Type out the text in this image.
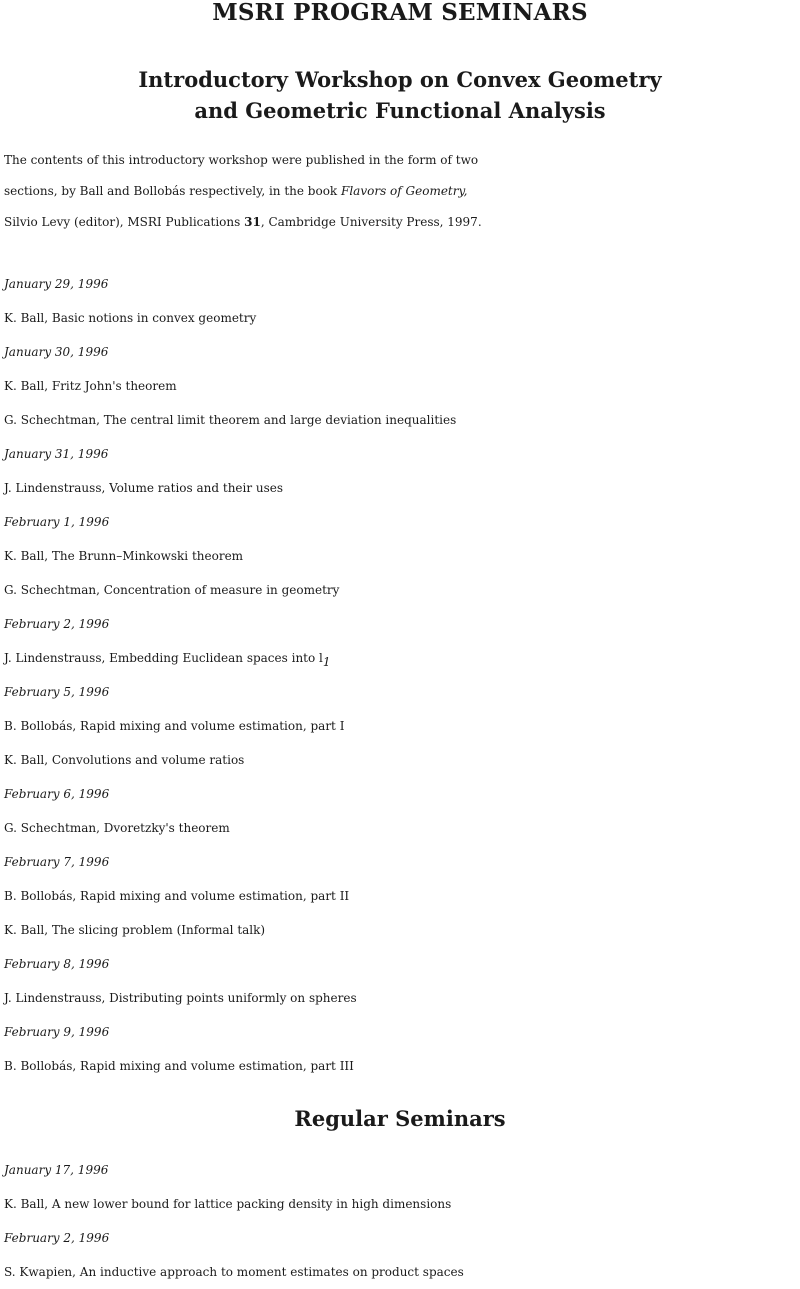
MSRI PROGRAM SEMINARS
Introductory Workshop on Convex Geometry
and Geometric Functional Analysis

The contents of this introductory workshop were published in the form of two
sections, by Ball and Bollobás respectively, in the book Flavors of Geometry,
Silvio Levy (editor), MSRI Publications 31, Cambridge University Press, 1997.

January 29, 1996
K. Ball, Basic notions in convex geometry
January 30, 1996
K. Ball, Fritz John's theorem
G. Schechtman, The central limit theorem and large deviation inequalities
January 31, 1996
J. Lindenstrauss, Volume ratios and their uses
February 1, 1996
K. Ball, The Brunn–Minkowski theorem
G. Schechtman, Concentration of measure in geometry
February 2, 1996
J. Lindenstrauss, Embedding Euclidean spaces into l1
February 5, 1996
B. Bollobás, Rapid mixing and volume estimation, part I
K. Ball, Convolutions and volume ratios
February 6, 1996
G. Schechtman, Dvoretzky's theorem
February 7, 1996
B. Bollobás, Rapid mixing and volume estimation, part II
K. Ball, The slicing problem (Informal talk)
February 8, 1996
J. Lindenstrauss, Distributing points uniformly on spheres
February 9, 1996
B. Bollobás, Rapid mixing and volume estimation, part III
Regular Seminars
January 17, 1996
K. Ball, A new lower bound for lattice packing density in high dimensions
February 2, 1996
S. Kwapien, An inductive approach to moment estimates on product spaces
